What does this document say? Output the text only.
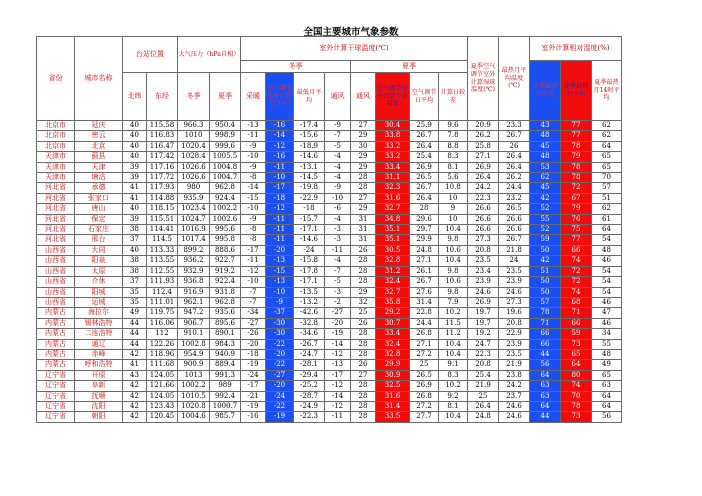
全国主要城市气象参数
省份	城市名称	台站位置		大气压力（hPa自相）		室外计算干球温度(℃)								夏季空气调节室外计算湿球温度(℃)	最热月平均温度(℃)	室外计算相对湿度(%)		
						冬季				夏季						冬季最冷月平均	夏季最热月平均	夏季最热月14时平均
		北纬	东经	冬季	夏季	采暖	空气调节室外计算日平均	最低月平均	通风	通风	空气调节室外计算干球温度	空气调节日平均	计算日较差					
北京市	延庆	40	115.58	966.3	950.4	-13	-16	-17.4	-9	27	30.4	25.9	9.6	20.9	23.3	43	77	62
北京市	密云	40	116.83	1010	998.9	-11	-14	-15.6	-7	29	33.8	26.7	7.8	26.2	26.7	48	77	62
北京市	北京	40	116.47	1020.4	999.6	-9	-12	-18.9	-5	30	33.2	26.4	8.8	25.8	26	45	78	64
天津市	蓟县	40	117.42	1028.4	1005.5	-10	-16	-14.6	-4	29	33.2	25.4	8.3	27.1	26.4	48	79	65
天津市	天津	39	117.16	1026.6	1004.8	-9	-11	-13.1	-4	29	33.4	26.9	8.1	26.9	26.4	53	78	65
天津市	塘沽	39	117.72	1026.6	1004.7	-8	-10	-14.5	-4	28	31.1	26.5	5.6	26.4	26.2	62	78	70
河北省	承德	41	117.93	980	962.8	-14	-17	-19.8	-9	28	32.3	26.7	10.8	24.2	24.4	45	72	57
河北省	张家口	41	114.88	935.9	924.4	-15	-18	-22.9	-10	27	31.6	26.4	10	22.3	23.2	42	67	51
河北省	唐山	40	118.15	1023.4	1002.2	-10	-12	-18	-6	29	32.7	28	9	26.6	26.5	52	79	62
河北省	保定	39	115.51	1024.7	1002.6	-9	-11	-15.7	-4	31	34.8	29.6	10	26.6	26.6	55	76	61
河北省	石家庄	38	114.41	1016.9	995.6	-8	-11	-17.1	-3	31	35.1	29.7	10.4	26.6	26.6	52	75	64
河北省	邢台	37	114.5	1017.4	995.8	-8	-11	-14.6	-3	31	35.1	29.9	9.8	27.3	26.7	59	77	54
山西省	大同	40	113.33	899.2	888.6	-17	-20	-24	-11	26	30.5	24.8	10.6	20.8	21.8	50	66	48
山西省	阳泉	38	113.55	936.2	922.7	-11	-13	-15.8	-4	28	32.8	27.1	10.4	23.5	24	42	74	46
山西省	太原	38	112.55	932.9	919.2	-12	-15	-17.8	-7	28	31.2	26.1	9.8	23.4	23.5	51	72	54
山西省	介休	37	111.93	936.8	922.4	-10	-13	-17.1	-5	28	32.4	26.7	10.6	23.9	23.9	50	72	54
山西省	阳城	35	112.4	916.9	931.8	-7	-10	-13.5	-3	29	32.7	27.6	9.8	24.6	24.6	50	74	54
山西省	运城	35	111.01	962.1	962.8	-7	-9	-13.2	-2	32	35.8	31.4	7.9	26.9	27.3	57	68	46
内蒙古	海拉尔	49	119.75	947.2	935.6	-34	-37	-42.6	-27	25	29.2	22.8	10.2	19.7	19.6	78	71	47
内蒙古	锡林浩特	44	116.06	906.7	895.6	-27	-30	-32.8	-20	26	30.7	24.4	11.5	19.7	20.8	71	66	46
内蒙古	二连浩特	44	112	910.1	890.1	-26	-30	-34.6	-19	28	33.4	26.8	11.2	19.2	22.9	66	59	34
内蒙古	通辽	44	122.26	1002.8	984.3	-20	-22	-26.7	-14	28	32.4	27.1	10.4	24.7	23.9	66	73	55
内蒙古	赤峰	42	118.96	954.9	940.9	-18	-20	-24.7	-12	28	32.8	27.2	10.4	22.3	23.5	44	65	48
内蒙古	呼和浩特	41	111.68	900.9	889.4	-19	-22	-28.1	-13	26	29.9	25	9.1	20.8	21.9	56	64	49
辽宁省	开原	43	124.05	1013	991.3	-24	-27	-29.4	-17	27	30.9	26.5	8.3	25.4	23.8	64	80	65
辽宁省	阜新	42	121.66	1002.2	989	-17	-20	-25.2	-12	28	32.5	26.9	10.2	21.9	24.2	63	74	63
辽宁省	抚顺	42	124.05	1010.5	992.4	-21	-24	-28.7	-14	28	31.6	26.8	9.2	25	23.7	63	70	64
辽宁省	沈阳	42	123.43	1020.8	1000.7	-19	-22	-24.9	-12	28	31.4	27.2	8.1	26.4	24.6	64	78	64
辽宁省	朝阳	42	120.45	1004.6	985.7	-16	-19	-22.3	-11	28	33.5	27.7	10.4	24.8	24.6	44	73	56
